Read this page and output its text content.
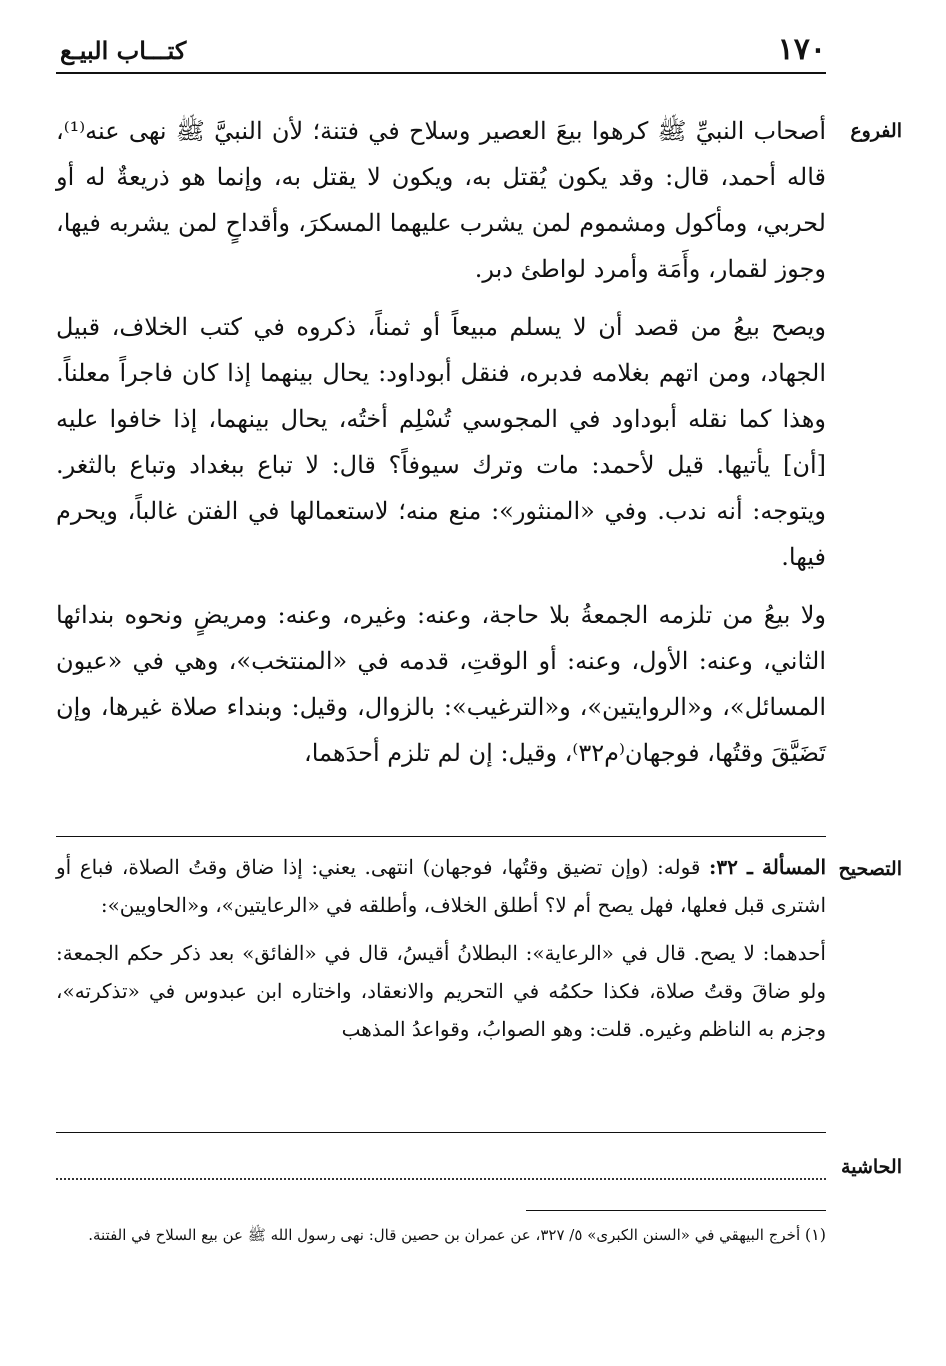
١٧٠
كتـــاب البيـع
الفروع

أصحاب النبيِّ ﷺ كرهوا بيعَ العصير وسلاح في فتنة؛ لأن النبيَّ ﷺ نهى عنه⁽¹⁾، قاله أحمد، قال: وقد يكون يُقتل به، ويكون لا يقتل به، وإنما هو ذريعةٌ له أو لحربي، ومأكول ومشموم لمن يشرب عليهما المسكرَ، وأقداحٍ لمن يشربه فيها، وجوز لقمار، وأَمَة وأمرد لواطئ دبر.

ويصح بيعُ من قصد أن لا يسلم مبيعاً أو ثمناً، ذكروه في كتب الخلاف، قبيل الجهاد، ومن اتهم بغلامه فدبره، فنقل أبوداود: يحال بينهما إذا كان فاجراً معلناً. وهذا كما نقله أبوداود في المجوسي تُسْلِم أختُه، يحال بينهما، إذا خافوا عليه [أن] يأتيها. قيل لأحمد: مات وترك سيوفاً؟ قال: لا تباع ببغداد وتباع بالثغر. ويتوجه: أنه ندب. وفي «المنثور»: منع منه؛ لاستعمالها في الفتن غالباً، ويحرم فيها.

ولا بيعُ من تلزمه الجمعةُ بلا حاجة، وعنه: وغيره، وعنه: ومريضٍ ونحوه بندائها الثاني، وعنه: الأول، وعنه: أو الوقتِ، قدمه في «المنتخب»، وهي في «عيون المسائل»، و«الروايتين»، و«الترغيب»: بالزوال، وقيل: وبنداء صلاة غيرها، وإن تَضَيَّقَ وقتُها، فوجهان⁽م٣٢⁾، وقيل: إن لم تلزم أحدَهما،

التصحيح

المسألة ـ ٣٢: قوله: (وإن تضيق وقتُها، فوجهان) انتهى. يعني: إذا ضاق وقتُ الصلاة، فباع أو اشترى قبل فعلها، فهل يصح أم لا؟ أطلق الخلاف، وأطلقه في «الرعايتين»، و«الحاويين»:

أحدهما: لا يصح. قال في «الرعاية»: البطلانُ أقيسُ، قال في «الفائق» بعد ذكر حكم الجمعة: ولو ضاقَ وقتُ صلاة، فكذا حكمُه في التحريم والانعقاد، واختاره ابن عبدوس في «تذكرته»، وجزم به الناظم وغيره. قلت: وهو الصوابُ، وقواعدُ المذهب

الحاشية
(١) أخرج البيهقي في «السنن الكبرى» ٥/ ٣٢٧، عن عمران بن حصين قال: نهى رسول الله ﷺ عن بيع السلاح في الفتنة.
